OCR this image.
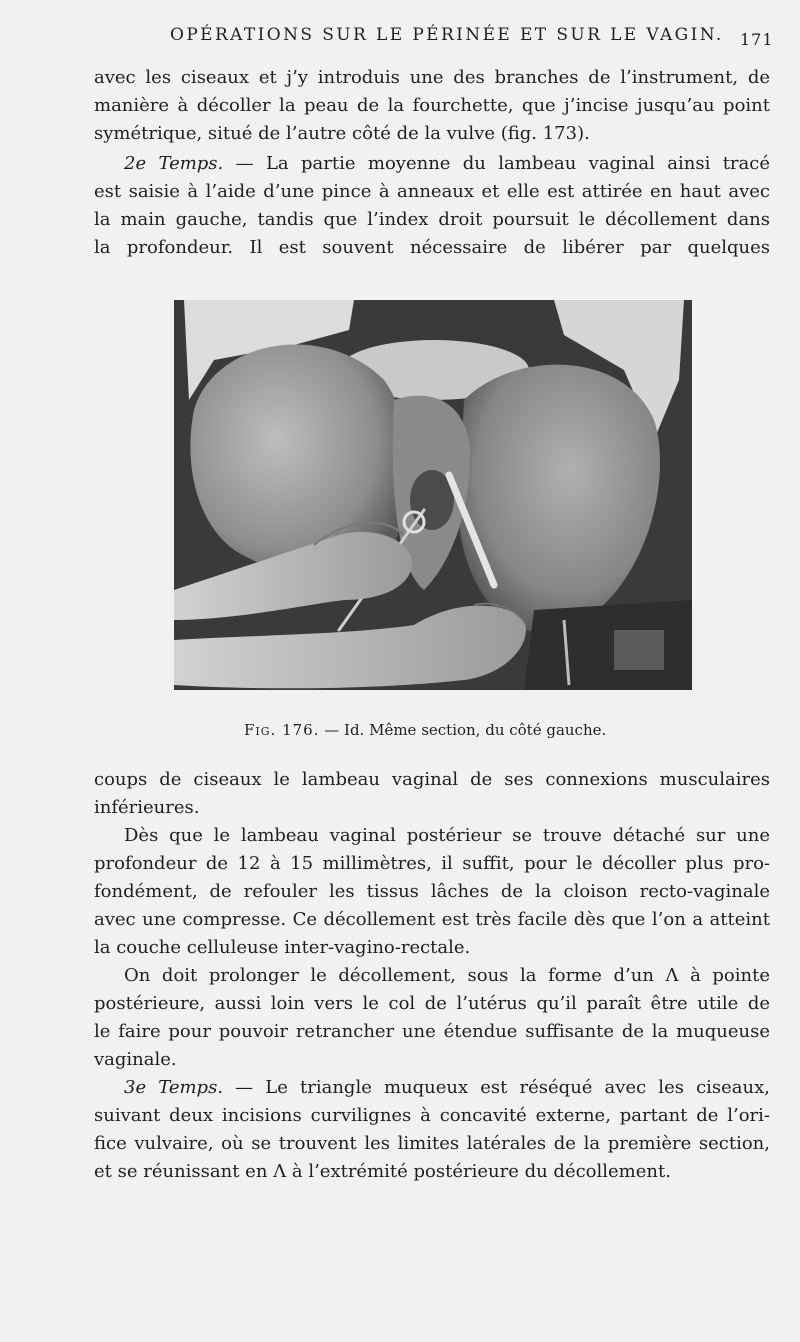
OPÉRATIONS SUR LE PÉRINÉE ET SUR LE VAGIN. 171

avec les ciseaux et j’y introduis une des branches de l’instrument, de
manière à décoller la peau de la fourchette, que j’incise jusqu’au point
symétrique, situé de l’autre côté de la vulve (fig. 173).

2e Temps. — La partie moyenne du lambeau vaginal ainsi tracé
est saisie à l’aide d’une pince à anneaux et elle est attirée en haut avec
la main gauche, tandis que l’index droit poursuit le décollement dans
la profondeur. Il est souvent nécessaire de libérer par quelques

Fig. 176. — Id. Même section, du côté gauche.

coups de ciseaux le lambeau vaginal de ses connexions musculaires
inférieures.

Dès que le lambeau vaginal postérieur se trouve détaché sur une
profondeur de 12 à 15 millimètres, il suffit, pour le décoller plus pro-
fondément, de refouler les tissus lâches de la cloison recto-vaginale
avec une compresse. Ce décollement est très facile dès que l’on a atteint
la couche celluleuse inter-vagino-rectale.

On doit prolonger le décollement, sous la forme d’un Λ à pointe
postérieure, aussi loin vers le col de l’utérus qu’il paraît être utile de
le faire pour pouvoir retrancher une étendue suffisante de la muqueuse
vaginale.

3e Temps. — Le triangle muqueux est réséqué avec les ciseaux,
suivant deux incisions curvilignes à concavité externe, partant de l’ori-
fice vulvaire, où se trouvent les limites latérales de la première section,
et se réunissant en Λ à l’extrémité postérieure du décollement.
